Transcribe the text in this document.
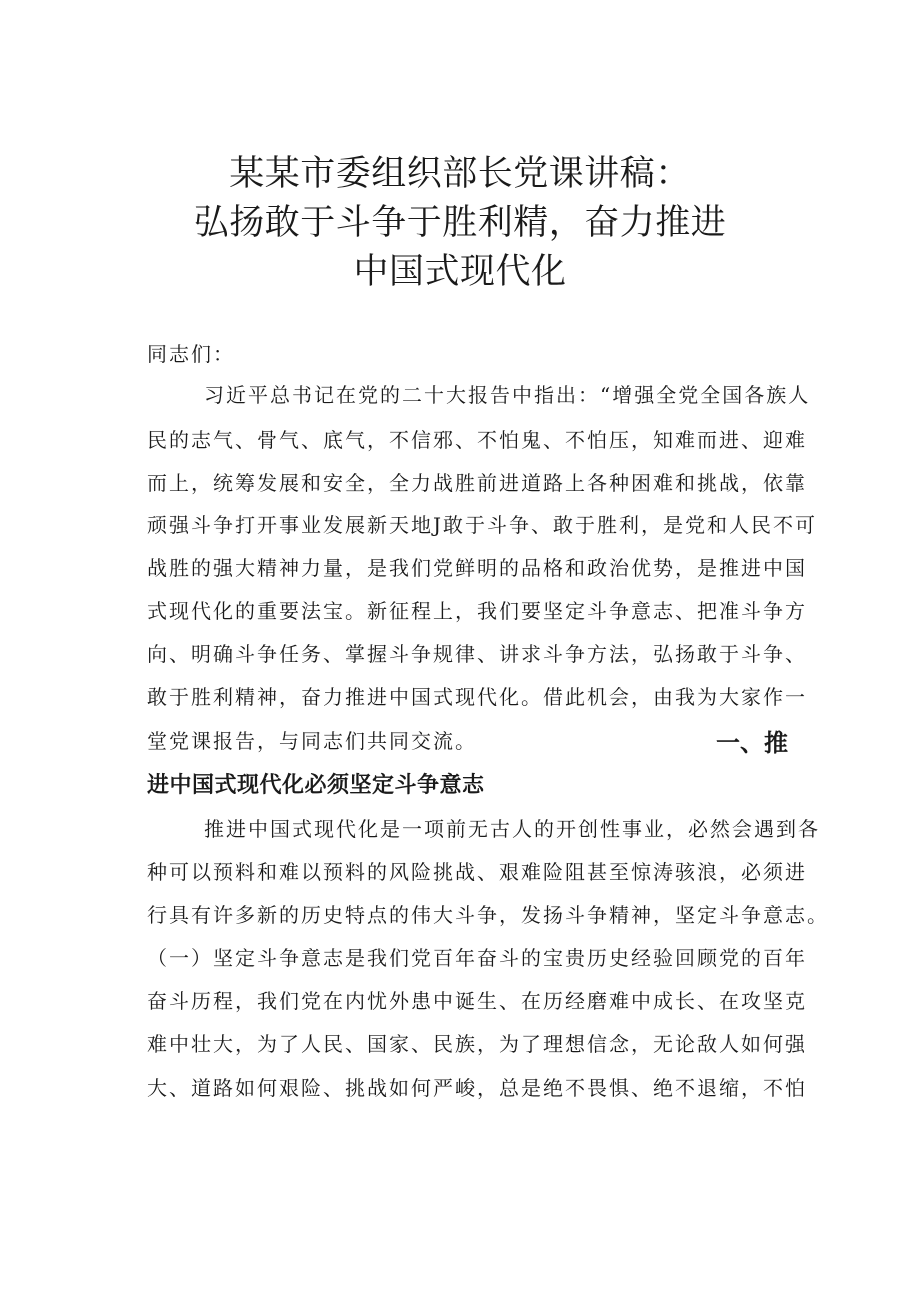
某某市委组织部长党课讲稿：
弘扬敢于斗争于胜利精，奋力推进
中国式现代化
同志们：
习近平总书记在党的二十大报告中指出：“增强全党全国各族人
民的志气、骨气、底气，不信邪、不怕鬼、不怕压，知难而进、迎难
而上，统筹发展和安全，全力战胜前进道路上各种困难和挑战，依靠
顽强斗争打开事业发展新天地J敢于斗争、敢于胜利，是党和人民不可
战胜的强大精神力量，是我们党鲜明的品格和政治优势，是推进中国
式现代化的重要法宝。新征程上，我们要坚定斗争意志、把准斗争方
向、明确斗争任务、掌握斗争规律、讲求斗争方法，弘扬敢于斗争、
敢于胜利精神，奋力推进中国式现代化。借此机会，由我为大家作一
堂党课报告，与同志们共同交流。	一、推
进中国式现代化必须坚定斗争意志
推进中国式现代化是一项前无古人的开创性事业，必然会遇到各
种可以预料和难以预料的风险挑战、艰难险阻甚至惊涛骇浪，必须进
行具有许多新的历史特点的伟大斗争，发扬斗争精神，坚定斗争意志。
（一）坚定斗争意志是我们党百年奋斗的宝贵历史经验回顾党的百年
奋斗历程，我们党在内忧外患中诞生、在历经磨难中成长、在攻坚克
难中壮大，为了人民、国家、民族，为了理想信念，无论敌人如何强
大、道路如何艰险、挑战如何严峻，总是绝不畏惧、绝不退缩，不怕
